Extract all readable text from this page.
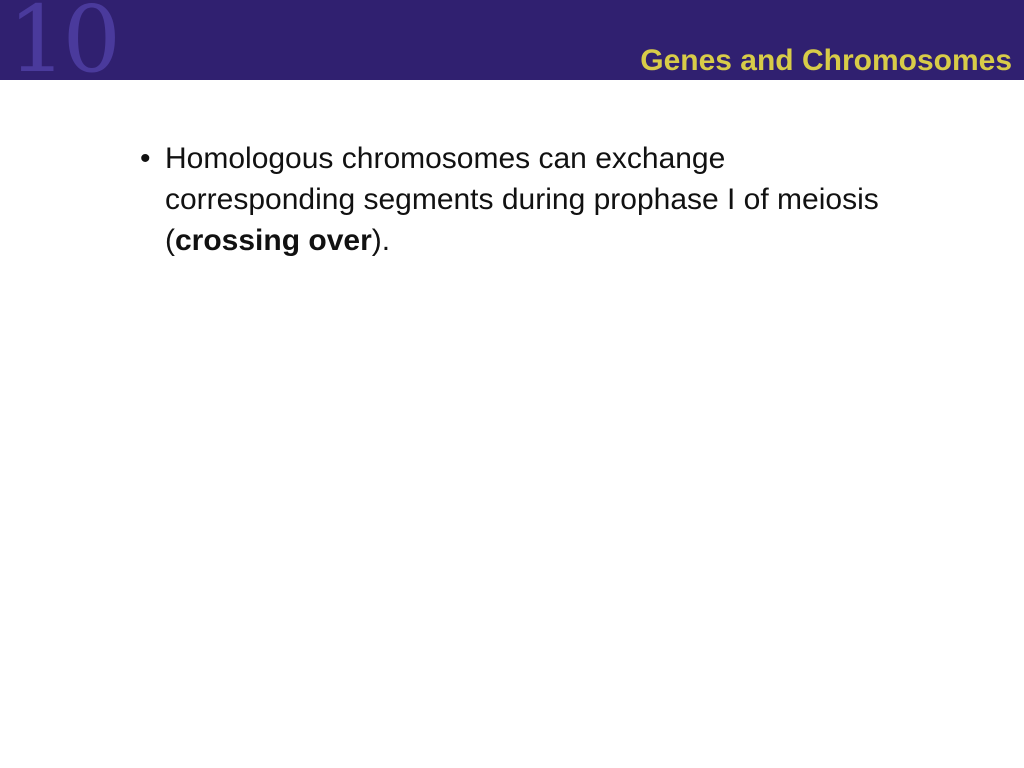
10	Genes and Chromosomes
• Homologous chromosomes can exchange corresponding segments during prophase I of meiosis (crossing over).
